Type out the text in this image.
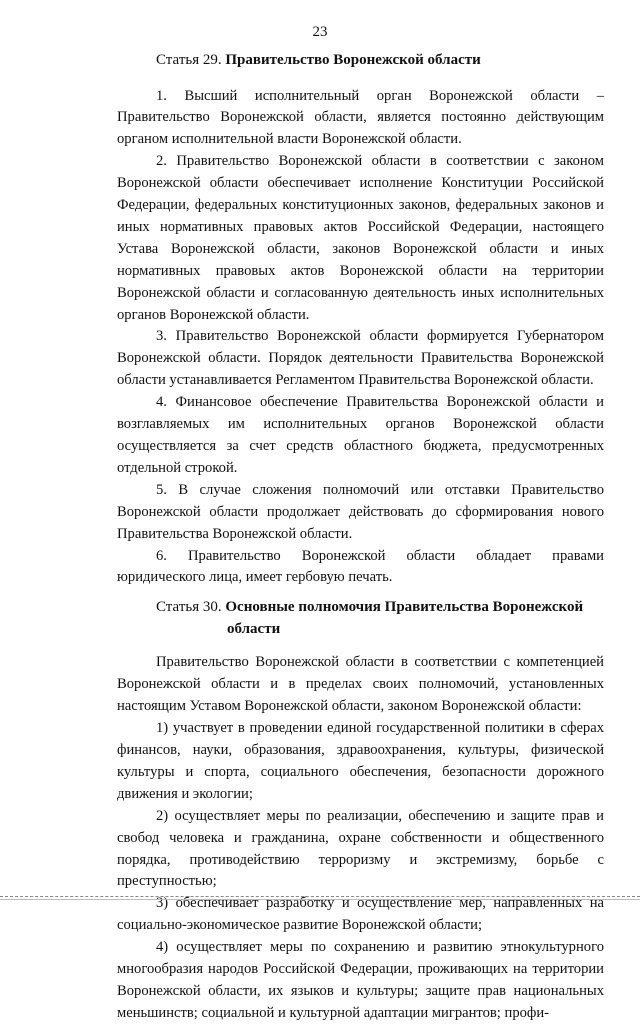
23
Статья 29. Правительство Воронежской области

1. Высший исполнительный орган Воронежской области – Правительство Воронежской области, является постоянно действующим органом исполнительной власти Воронежской области.

2. Правительство Воронежской области в соответствии с законом Воронежской области обеспечивает исполнение Конституции Российской Федерации, федеральных конституционных законов, федеральных законов и иных нормативных правовых актов Российской Федерации, настоящего Устава Воронежской области, законов Воронежской области и иных нормативных правовых актов Воронежской области на территории Воронежской области и согласованную деятельность иных исполнительных органов Воронежской области.

3. Правительство Воронежской области формируется Губернатором Воронежской области. Порядок деятельности Правительства Воронежской области устанавливается Регламентом Правительства Воронежской области.

4. Финансовое обеспечение Правительства Воронежской области и возглавляемых им исполнительных органов Воронежской области осуществляется за счет средств областного бюджета, предусмотренных отдельной строкой.

5. В случае сложения полномочий или отставки Правительство Воронежской области продолжает действовать до сформирования нового Правительства Воронежской области.

6. Правительство Воронежской области обладает правами юридического лица, имеет гербовую печать.

Статья 30. Основные полномочия Правительства Воронежской
области

Правительство Воронежской области в соответствии с компетенцией Воронежской области и в пределах своих полномочий, установленных настоящим Уставом Воронежской области, законом Воронежской области:

1) участвует в проведении единой государственной политики в сферах финансов, науки, образования, здравоохранения, культуры, физической культуры и спорта, социального обеспечения, безопасности дорожного движения и экологии;

2) осуществляет меры по реализации, обеспечению и защите прав и свобод человека и гражданина, охране собственности и общественного порядка, противодействию терроризму и экстремизму, борьбе с преступностью;

3) обеспечивает разработку и осуществление мер, направленных на социально-экономическое развитие Воронежской области;

4) осуществляет меры по сохранению и развитию этнокультурного многообразия народов Российской Федерации, проживающих на территории Воронежской области, их языков и культуры; защите прав национальных меньшинств; социальной и культурной адаптации мигрантов; профи-
